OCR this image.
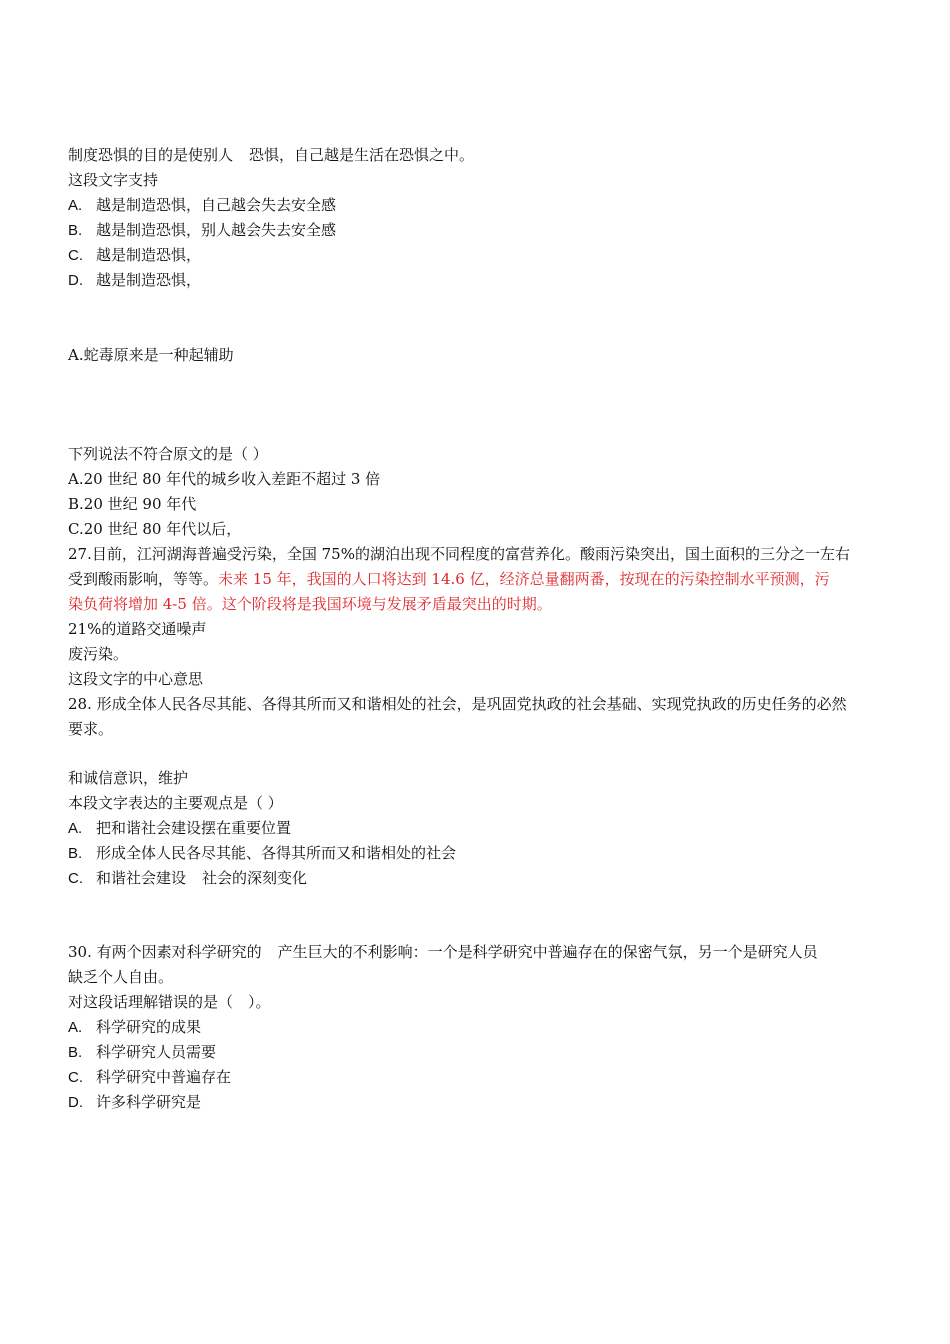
制度恐惧的目的是使别人 恐惧，自己越是生活在恐惧之中。
这段文字支持
A. 越是制造恐惧，自己越会失去安全感
B. 越是制造恐惧，别人越会失去安全感
C. 越是制造恐惧，
D. 越是制造恐惧，
A.蛇毒原来是一种起辅助
下列说法不符合原文的是（ ）
A.20 世纪 80 年代的城乡收入差距不超过 3 倍
B.20 世纪 90 年代
C.20 世纪 80 年代以后，
27.目前，江河湖海普遍受污染，全国 75%的湖泊出现不同程度的富营养化。酸雨污染突出，国土面积的三分之一左右
受到酸雨影响，等等。未来 15 年，我国的人口将达到 14.6 亿，经济总量翻两番，按现在的污染控制水平预测，污
染负荷将增加 4-5 倍。这个阶段将是我国环境与发展矛盾最突出的时期。
21%的道路交通噪声
废污染。
这段文字的中心意思
28. 形成全体人民各尽其能、各得其所而又和谐相处的社会，是巩固党执政的社会基础、实现党执政的历史任务的必然
要求。
和诚信意识，维护
本段文字表达的主要观点是（ ）
A. 把和谐社会建设摆在重要位置
B. 形成全体人民各尽其能、各得其所而又和谐相处的社会
C. 和谐社会建设 社会的深刻变化
30. 有两个因素对科学研究的 产生巨大的不利影响：一个是科学研究中普遍存在的保密气氛，另一个是研究人员
缺乏个人自由。
对这段话理解错误的是（　）。
A. 科学研究的成果
B. 科学研究人员需要
C. 科学研究中普遍存在
D. 许多科学研究是
